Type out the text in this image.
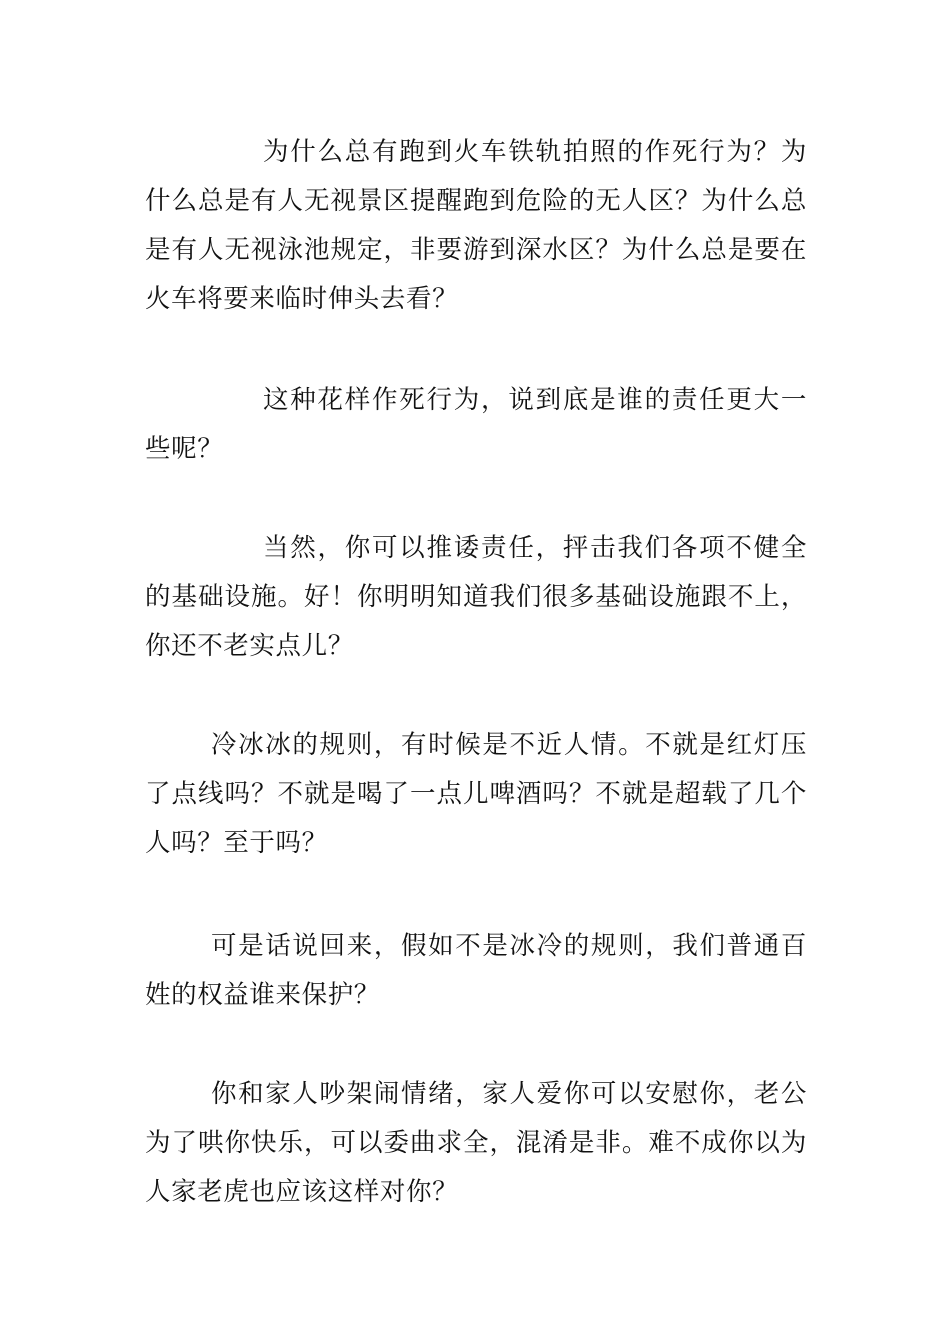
为什么总有跑到火车铁轨拍照的作死行为？为什么总是有人无视景区提醒跑到危险的无人区？为什么总是有人无视泳池规定，非要游到深水区？为什么总是要在火车将要来临时伸头去看？

这种花样作死行为，说到底是谁的责任更大一些呢？

当然，你可以推诿责任，抨击我们各项不健全的基础设施。好！你明明知道我们很多基础设施跟不上，你还不老实点儿？

冷冰冰的规则，有时候是不近人情。不就是红灯压了点线吗？不就是喝了一点儿啤酒吗？不就是超载了几个人吗？至于吗？

可是话说回来，假如不是冰冷的规则，我们普通百姓的权益谁来保护？

你和家人吵架闹情绪，家人爱你可以安慰你，老公为了哄你快乐，可以委曲求全，混淆是非。难不成你以为人家老虎也应该这样对你？
